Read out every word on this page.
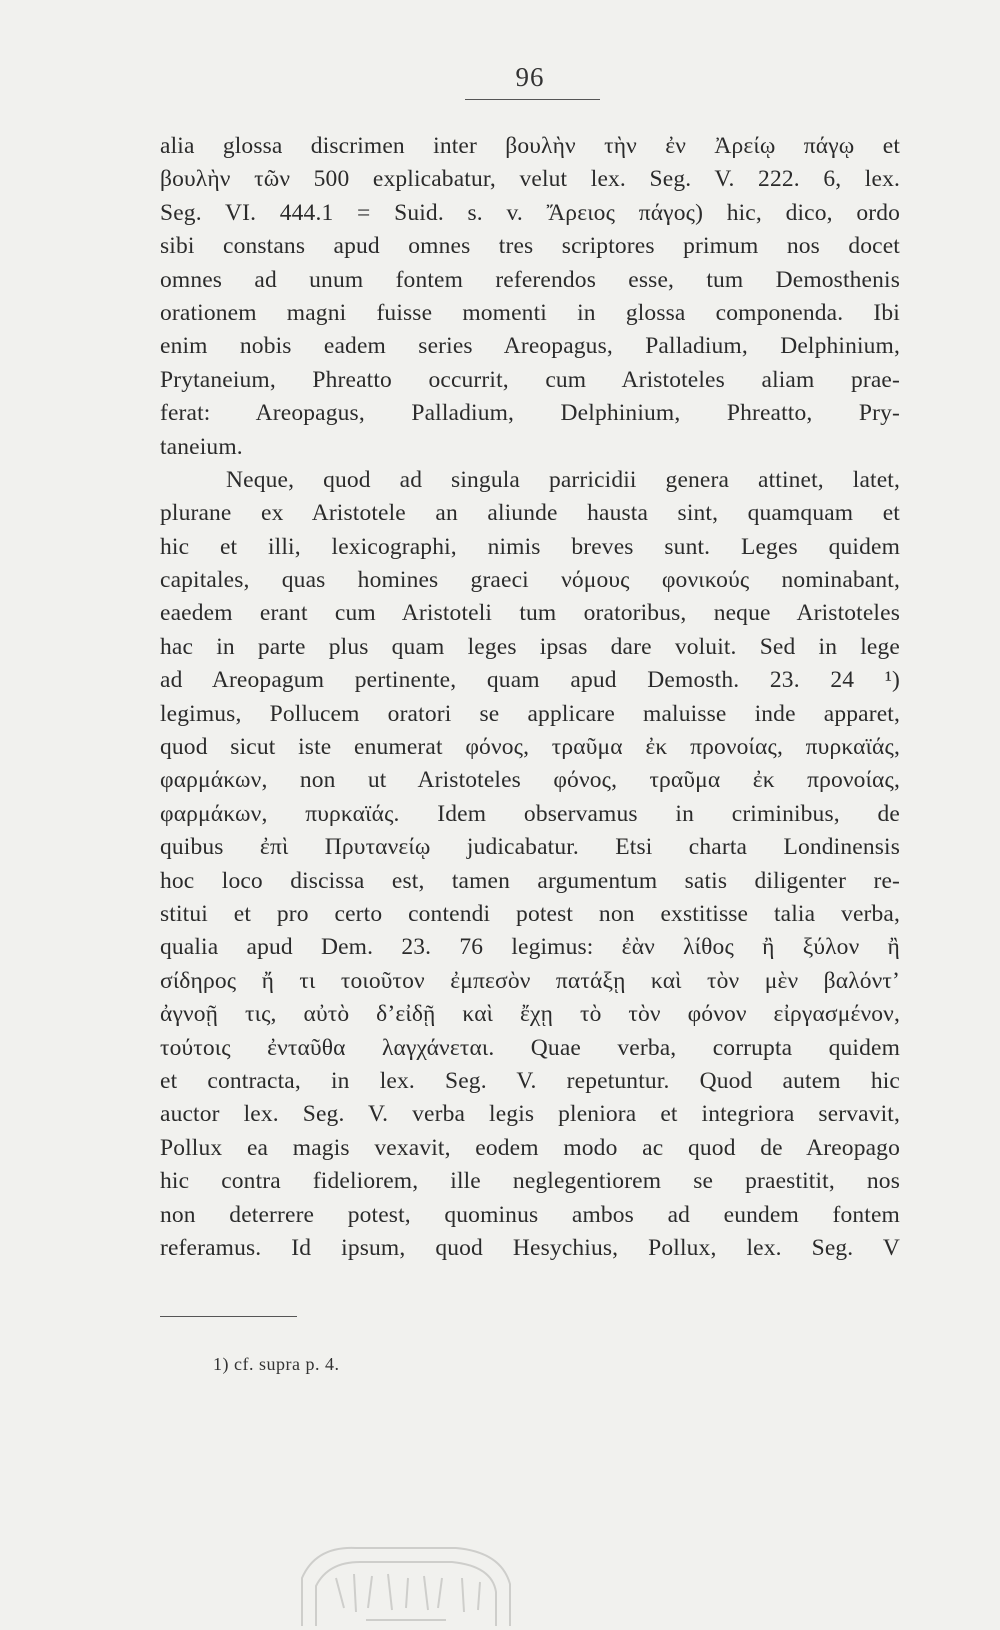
96
alia glossa discrimen inter βουλὴν τὴν ἐν Ἀρείῳ πάγῳ et
βουλὴν τῶν 500 explicabatur, velut lex. Seg. V. 222. 6, lex.
Seg. VI. 444.1 = Suid. s. v. Ἄρειος πάγος) hic, dico, ordo
sibi constans apud omnes tres scriptores primum nos docet
omnes ad unum fontem referendos esse, tum Demosthenis
orationem magni fuisse momenti in glossa componenda. Ibi
enim nobis eadem series Areopagus, Palladium, Delphinium,
Prytaneium, Phreatto occurrit, cum Aristoteles aliam prae-
ferat: Areopagus, Palladium, Delphinium, Phreatto, Pry-
taneium.
Neque, quod ad singula parricidii genera attinet, latet,
plurane ex Aristotele an aliunde hausta sint, quamquam et
hic et illi, lexicographi, nimis breves sunt. Leges quidem
capitales, quas homines graeci νόμους φονικούς nominabant,
eaedem erant cum Aristoteli tum oratoribus, neque Aristoteles
hac in parte plus quam leges ipsas dare voluit. Sed in lege
ad Areopagum pertinente, quam apud Demosth. 23. 24 ¹)
legimus, Pollucem oratori se applicare maluisse inde apparet,
quod sicut iste enumerat φόνος, τραῦμα ἐκ προνοίας, πυρκαϊάς,
φαρμάκων, non ut Aristoteles φόνος, τραῦμα ἐκ προνοίας,
φαρμάκων, πυρκαϊάς. Idem observamus in criminibus, de
quibus ἐπὶ Πρυτανείῳ judicabatur. Etsi charta Londinensis
hoc loco discissa est, tamen argumentum satis diligenter re-
stitui et pro certo contendi potest non exstitisse talia verba,
qualia apud Dem. 23. 76 legimus: ἐὰν λίθος ἢ ξύλον ἢ
σίδηρος ἤ τι τοιοῦτον ἐμπεσὸν πατάξῃ καὶ τὸν μὲν βαλόντ’
ἀγνοῇ τις, αὐτὸ δ’εἰδῇ καὶ ἔχῃ τὸ τὸν φόνον εἰργασμένον,
τούτοις ἐνταῦθα λαγχάνεται. Quae verba, corrupta quidem
et contracta, in lex. Seg. V. repetuntur. Quod autem hic
auctor lex. Seg. V. verba legis pleniora et integriora servavit,
Pollux ea magis vexavit, eodem modo ac quod de Areopago
hic contra fideliorem, ille neglegentiorem se praestitit, nos
non deterrere potest, quominus ambos ad eundem fontem
referamus. Id ipsum, quod Hesychius, Pollux, lex. Seg. V
1) cf. supra p. 4.
